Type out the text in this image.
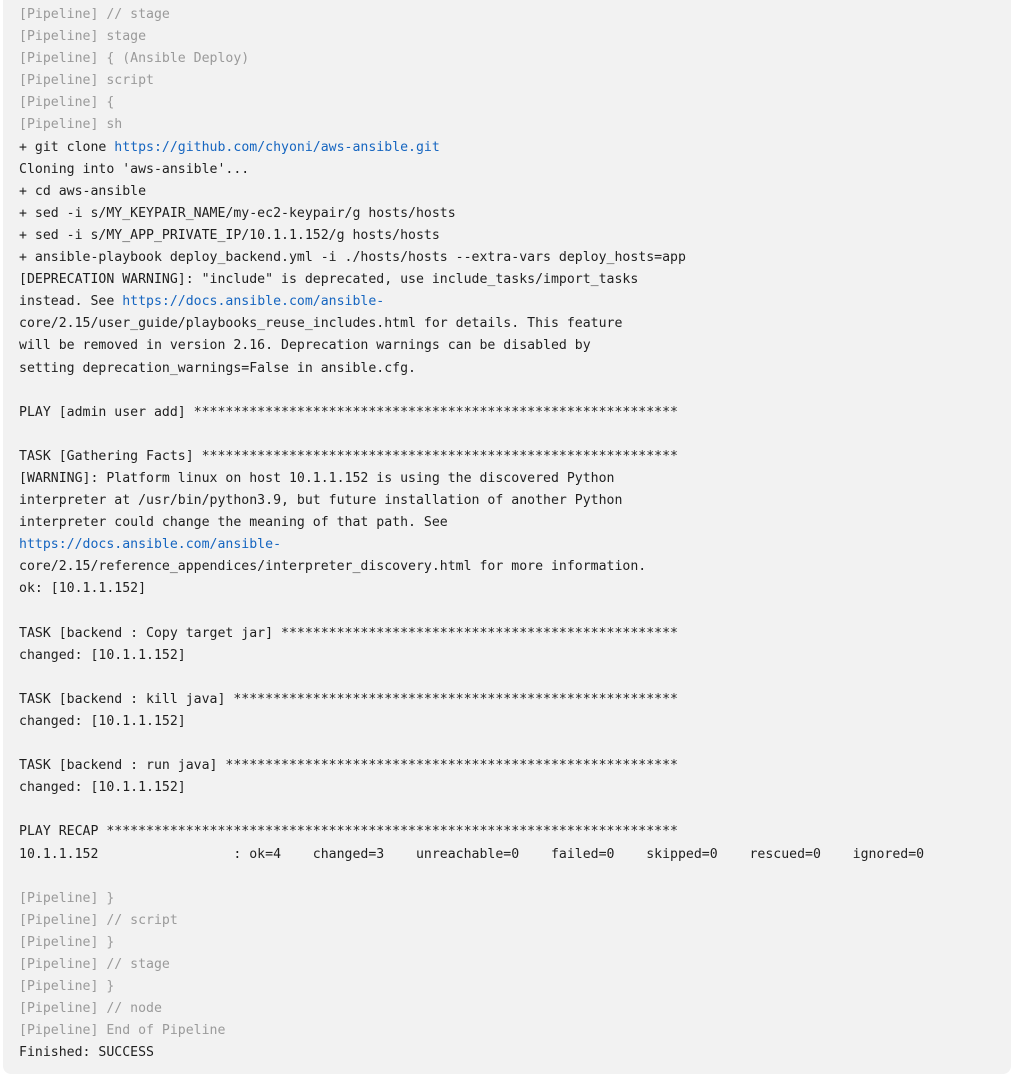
[Pipeline] // stage
[Pipeline] stage
[Pipeline] { (Ansible Deploy)
[Pipeline] script
[Pipeline] {
[Pipeline] sh
+ git clone https://github.com/chyoni/aws-ansible.git
Cloning into 'aws-ansible'...
+ cd aws-ansible
+ sed -i s/MY_KEYPAIR_NAME/my-ec2-keypair/g hosts/hosts
+ sed -i s/MY_APP_PRIVATE_IP/10.1.1.152/g hosts/hosts
+ ansible-playbook deploy_backend.yml -i ./hosts/hosts --extra-vars deploy_hosts=app
[DEPRECATION WARNING]: "include" is deprecated, use include_tasks/import_tasks
instead. See https://docs.ansible.com/ansible-
core/2.15/user_guide/playbooks_reuse_includes.html for details. This feature
will be removed in version 2.16. Deprecation warnings can be disabled by
setting deprecation_warnings=False in ansible.cfg.
PLAY [admin user add] *************************************************************
TASK [Gathering Facts] ************************************************************
[WARNING]: Platform linux on host 10.1.1.152 is using the discovered Python
interpreter at /usr/bin/python3.9, but future installation of another Python
interpreter could change the meaning of that path. See
https://docs.ansible.com/ansible-
core/2.15/reference_appendices/interpreter_discovery.html for more information.
ok: [10.1.1.152]
TASK [backend : Copy target jar] **************************************************
changed: [10.1.1.152]
TASK [backend : kill java] ********************************************************
changed: [10.1.1.152]
TASK [backend : run java] *********************************************************
changed: [10.1.1.152]
PLAY RECAP ************************************************************************
10.1.1.152                 : ok=4    changed=3    unreachable=0    failed=0    skipped=0    rescued=0    ignored=0
[Pipeline] }
[Pipeline] // script
[Pipeline] }
[Pipeline] // stage
[Pipeline] }
[Pipeline] // node
[Pipeline] End of Pipeline
Finished: SUCCESS
